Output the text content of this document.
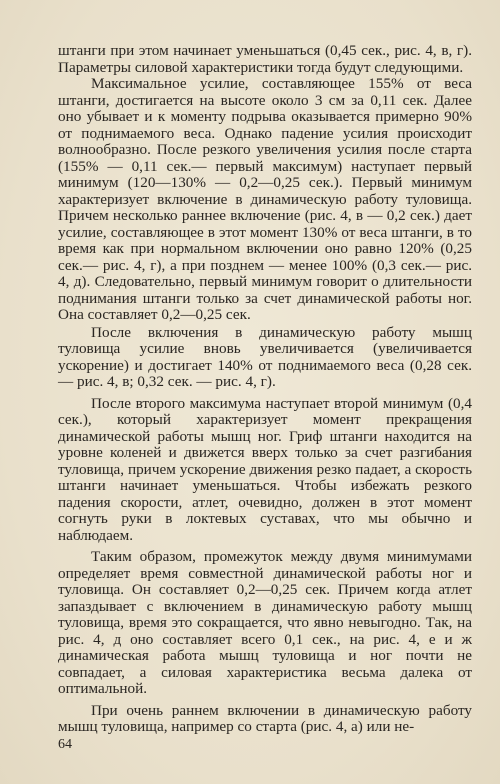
штанги при этом начинает уменьшаться (0,45 сек., рис. 4, в, г). Параметры силовой характеристики тогда будут следующими.

Максимальное усилие, составляющее 155% от веса штанги, достигается на высоте около 3 см за 0,11 сек. Далее оно убывает и к моменту подрыва оказывается примерно 90% от поднимаемого веса. Однако падение усилия происходит волнообразно. После резкого увеличения усилия после старта (155% — 0,11 сек.— первый максимум) наступает первый минимум (120—130% — 0,2—0,25 сек.). Первый минимум характеризует включение в динамическую работу туловища. Причем несколько раннее включение (рис. 4, в — 0,2 сек.) дает усилие, составляющее в этот момент 130% от веса штанги, в то время как при нормальном включении оно равно 120% (0,25 сек.— рис. 4, г), а при позднем — менее 100% (0,3 сек.— рис. 4, д). Следовательно, первый минимум говорит о длительности поднимания штанги только за счет динамической работы ног. Она составляет 0,2—0,25 сек.

После включения в динамическую работу мышц туловища усилие вновь увеличивается (увеличивается ускорение) и достигает 140% от поднимаемого веса (0,28 сек.— рис. 4, в; 0,32 сек. — рис. 4, г).

После второго максимума наступает второй минимум (0,4 сек.), который характеризует момент прекращения динамической работы мышц ног. Гриф штанги находится на уровне коленей и движется вверх только за счет разгибания туловища, причем ускорение движения резко падает, а скорость штанги начинает уменьшаться. Чтобы избежать резкого падения скорости, атлет, очевидно, должен в этот момент согнуть руки в локтевых суставах, что мы обычно и наблюдаем.

Таким образом, промежуток между двумя минимумами определяет время совместной динамической работы ног и туловища. Он составляет 0,2—0,25 сек. Причем когда атлет запаздывает с включением в динамическую работу мышц туловища, время это сокращается, что явно невыгодно. Так, на рис. 4, д оно составляет всего 0,1 сек., на рис. 4, е и ж динамическая работа мышц туловища и ног почти не совпадает, а силовая характеристика весьма далека от оптимальной.

При очень раннем включении в динамическую работу мышц туловища, например со старта (рис. 4, а) или не-

64
